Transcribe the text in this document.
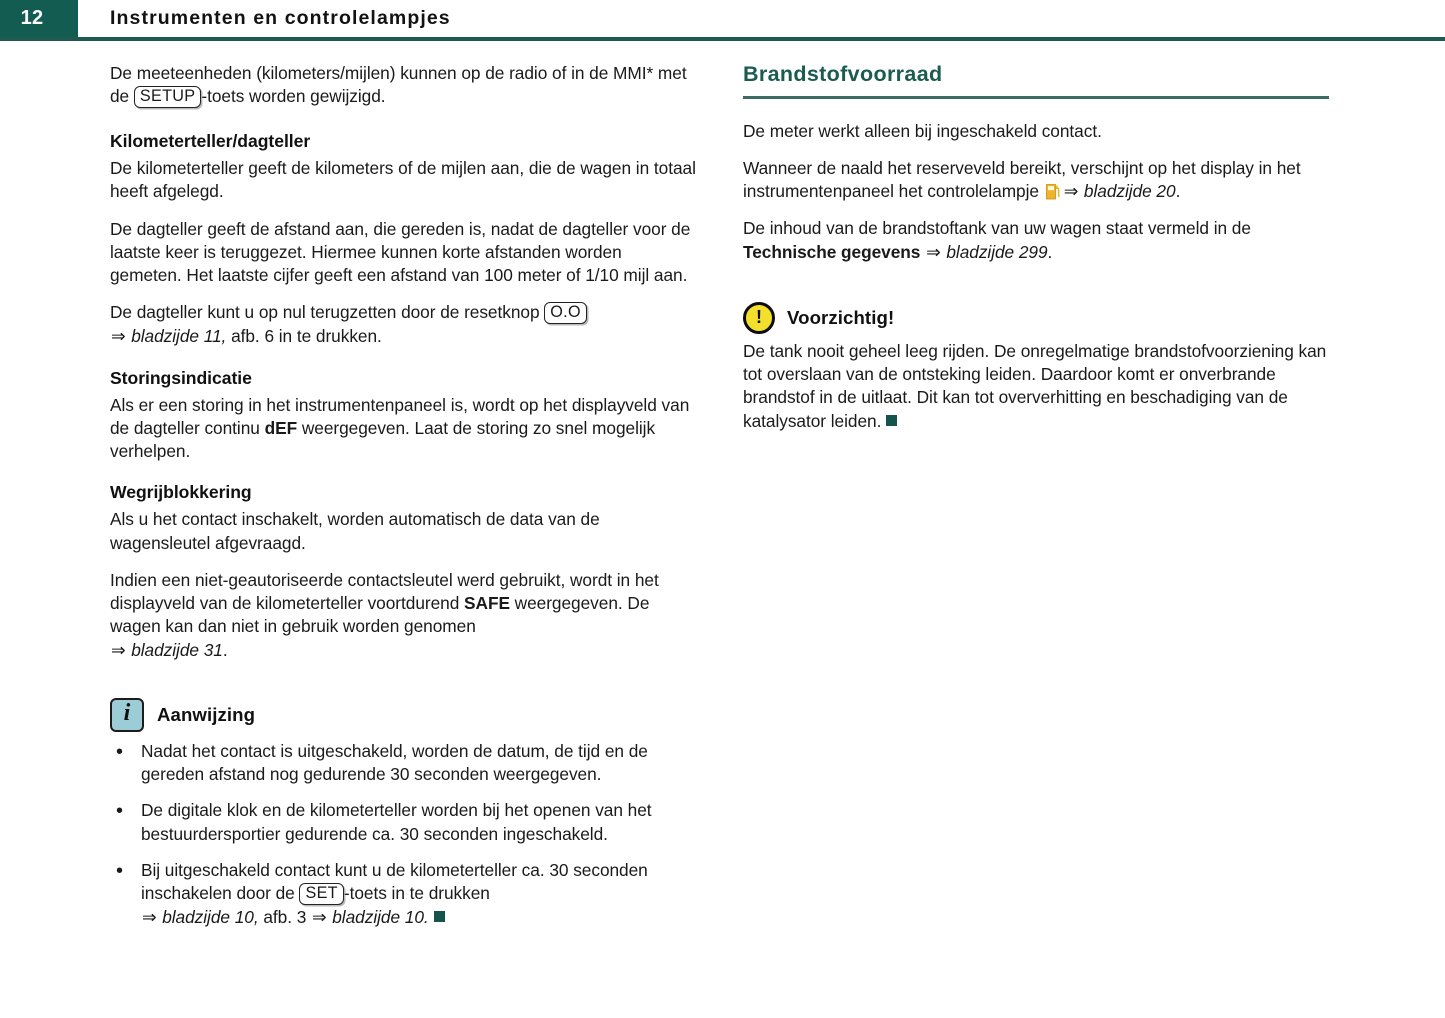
12	Instrumenten en controlelampjes

De meeteenheden (kilometers/mijlen) kunnen op de radio of in de MMI* met de SETUP -toets worden gewijzigd.

Kilometerteller/dagteller

De kilometerteller geeft de kilometers of de mijlen aan, die de wagen in totaal heeft afgelegd.

De dagteller geeft de afstand aan, die gereden is, nadat de dagteller voor de laatste keer is teruggezet. Hiermee kunnen korte afstanden worden gemeten. Het laatste cijfer geeft een afstand van 100 meter of 1/10 mijl aan.

De dagteller kunt u op nul terugzetten door de resetknop O.O
⇒ bladzijde 11, afb. 6 in te drukken.

Storingsindicatie

Als er een storing in het instrumentenpaneel is, wordt op het displayveld van de dagteller continu dEF weergegeven. Laat de storing zo snel mogelijk verhelpen.

Wegrijblokkering

Als u het contact inschakelt, worden automatisch de data van de wagensleutel afgevraagd.

Indien een niet-geautoriseerde contactsleutel werd gebruikt, wordt in het displayveld van de kilometerteller voortdurend SAFE weergegeven. De wagen kan dan niet in gebruik worden genomen
⇒ bladzijde 31.

i
Aanwijzing
• Nadat het contact is uitgeschakeld, worden de datum, de tijd en de gereden afstand nog gedurende 30 seconden weergegeven.
• De digitale klok en de kilometerteller worden bij het openen van het bestuurdersportier gedurende ca. 30 seconden ingeschakeld.
• Bij uitgeschakeld contact kunt u de kilometerteller ca. 30 seconden inschakelen door de SET -toets in te drukken
⇒ bladzijde 10, afb. 3 ⇒ bladzijde 10.
Brandstofvoorraad

De meter werkt alleen bij ingeschakeld contact.

Wanneer de naald het reserveveld bereikt, verschijnt op het display in het instrumentenpaneel het controlelampje ⇒ bladzijde 20.

De inhoud van de brandstoftank van uw wagen staat vermeld in de Technische gegevens ⇒ bladzijde 299.

!
Voorzichtig!

De tank nooit geheel leeg rijden. De onregelmatige brandstofvoorziening kan tot overslaan van de ontsteking leiden. Daardoor komt er onverbrande brandstof in de uitlaat. Dit kan tot oververhitting en beschadiging van de katalysator leiden.
